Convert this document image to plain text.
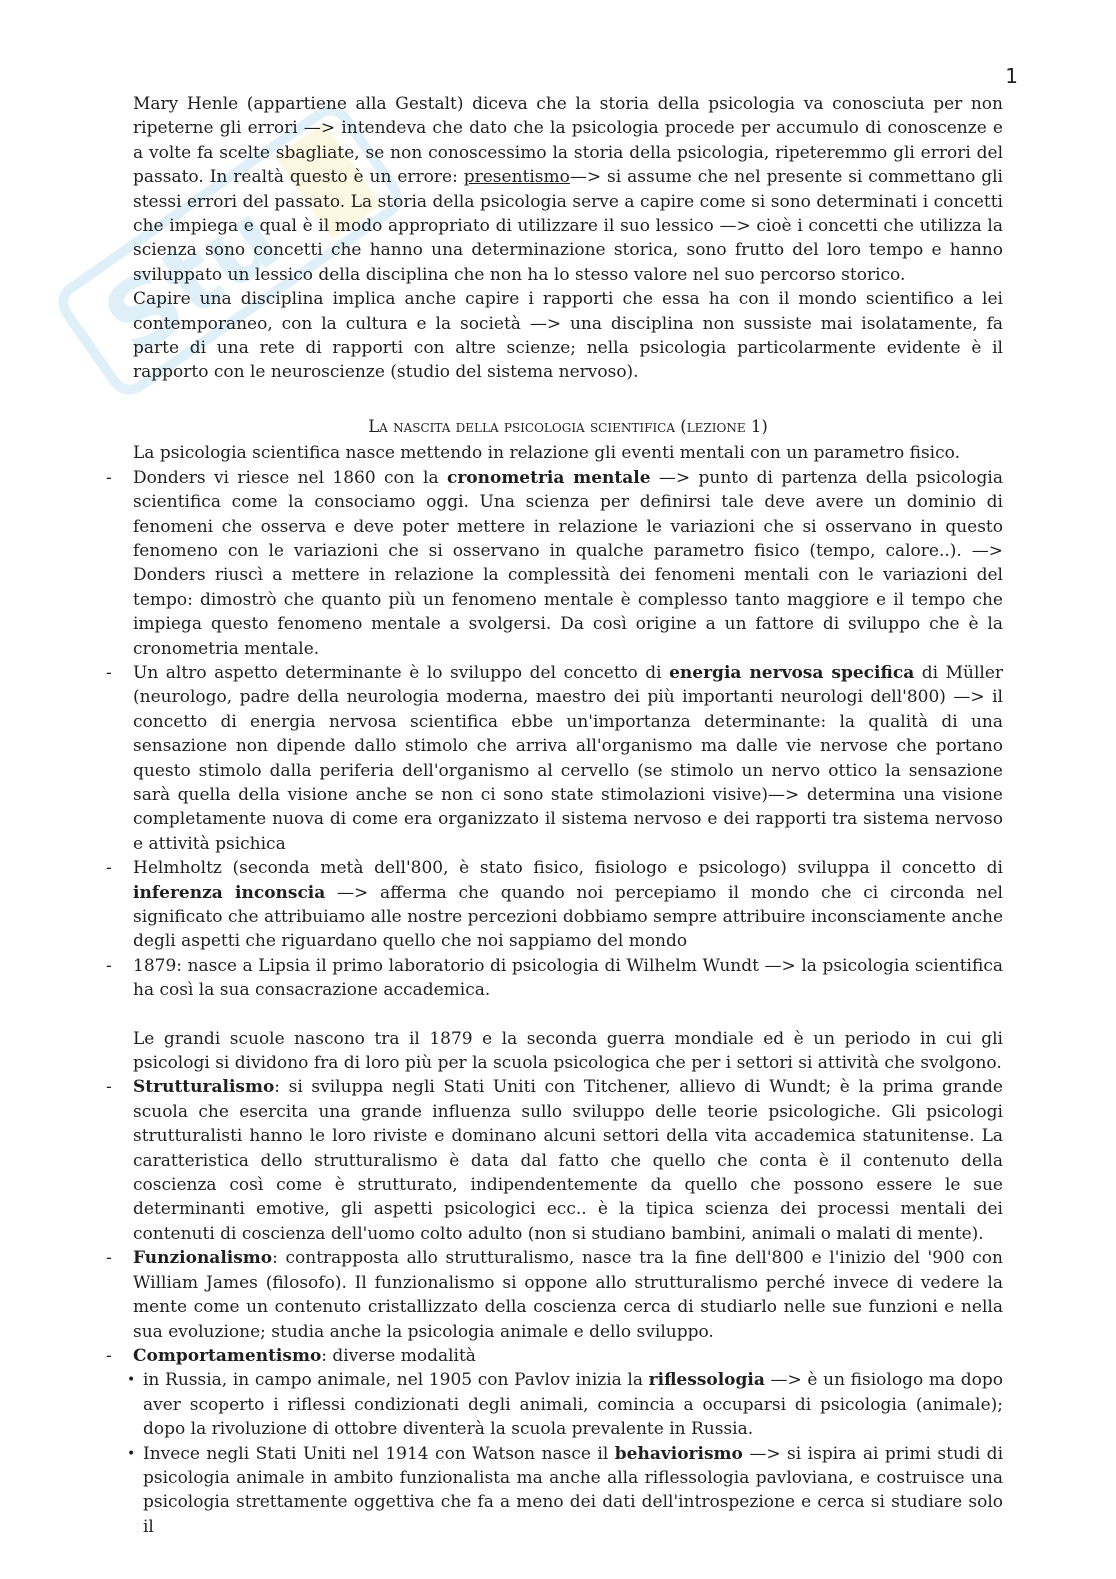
Stu
1

Mary Henle (appartiene alla Gestalt) diceva che la storia della psicologia va conosciuta per non ripeterne gli errori —> intendeva che dato che la psicologia procede per accumulo di conoscenze e a volte fa scelte sbagliate, se non conoscessimo la storia della psicologia, ripeteremmo gli errori del passato. In realtà questo è un errore: presentismo—> si assume che nel presente si commettano gli stessi errori del passato. La storia della psicologia serve a capire come si sono determinati i concetti che impiega e qual è il modo appropriato di utilizzare il suo lessico —> cioè i concetti che utilizza la scienza sono concetti che hanno una determinazione storica, sono frutto del loro tempo e hanno sviluppato un lessico della disciplina che non ha lo stesso valore nel suo percorso storico.

Capire una disciplina implica anche capire i rapporti che essa ha con il mondo scientifico a lei contemporaneo, con la cultura e la società —> una disciplina non sussiste mai isolatamente, fa parte di una rete di rapporti con altre scienze; nella psicologia particolarmente evidente è il rapporto con le neuroscienze (studio del sistema nervoso).

La nascita della psicologia scientifica (lezione 1)

La psicologia scientifica nasce mettendo in relazione gli eventi mentali con un parametro fisico.

- Donders vi riesce nel 1860 con la cronometria mentale —> punto di partenza della psicologia scientifica come la consociamo oggi. Una scienza per definirsi tale deve avere un dominio di fenomeni che osserva e deve poter mettere in relazione le variazioni che si osservano in questo fenomeno con le variazioni che si osservano in qualche parametro fisico (tempo, calore..). —> Donders riuscì a mettere in relazione la complessità dei fenomeni mentali con le variazioni del tempo: dimostrò che quanto più un fenomeno mentale è complesso tanto maggiore e il tempo che impiega questo fenomeno mentale a svolgersi. Da così origine a un fattore di sviluppo che è la cronometria mentale.
- Un altro aspetto determinante è lo sviluppo del concetto di energia nervosa specifica di Müller (neurologo, padre della neurologia moderna, maestro dei più importanti neurologi dell'800) —> il concetto di energia nervosa scientifica ebbe un'importanza determinante: la qualità di una sensazione non dipende dallo stimolo che arriva all'organismo ma dalle vie nervose che portano questo stimolo dalla periferia dell'organismo al cervello (se stimolo un nervo ottico la sensazione sarà quella della visione anche se non ci sono state stimolazioni visive)—> determina una visione completamente nuova di come era organizzato il sistema nervoso e dei rapporti tra sistema nervoso e attività psichica
- Helmholtz (seconda metà dell'800, è stato fisico, fisiologo e psicologo) sviluppa il concetto di inferenza inconscia —> afferma che quando noi percepiamo il mondo che ci circonda nel significato che attribuiamo alle nostre percezioni dobbiamo sempre attribuire inconsciamente anche degli aspetti che riguardano quello che noi sappiamo del mondo
- 1879: nasce a Lipsia il primo laboratorio di psicologia di Wilhelm Wundt —> la psicologia scientifica ha così la sua consacrazione accademica.

Le grandi scuole nascono tra il 1879 e la seconda guerra mondiale ed è un periodo in cui gli psicologi si dividono fra di loro più per la scuola psicologica che per i settori si attività che svolgono.

- Strutturalismo: si sviluppa negli Stati Uniti con Titchener, allievo di Wundt; è la prima grande scuola che esercita una grande influenza sullo sviluppo delle teorie psicologiche. Gli psicologi strutturalisti hanno le loro riviste e dominano alcuni settori della vita accademica statunitense. La caratteristica dello strutturalismo è data dal fatto che quello che conta è il contenuto della coscienza così come è strutturato, indipendentemente da quello che possono essere le sue determinanti emotive, gli aspetti psicologici ecc.. è la tipica scienza dei processi mentali dei contenuti di coscienza dell'uomo colto adulto (non si studiano bambini, animali o malati di mente).
- Funzionalismo: contrapposta allo strutturalismo, nasce tra la fine dell'800 e l'inizio del '900 con William James (filosofo). Il funzionalismo si oppone allo strutturalismo perché invece di vedere la mente come un contenuto cristallizzato della coscienza cerca di studiarlo nelle sue funzioni e nella sua evoluzione; studia anche la psicologia animale e dello sviluppo.
- Comportamentismo: diverse modalità
• in Russia, in campo animale, nel 1905 con Pavlov inizia la riflessologia —> è un fisiologo ma dopo aver scoperto i riflessi condizionati degli animali, comincia a occuparsi di psicologia (animale); dopo la rivoluzione di ottobre diventerà la scuola prevalente in Russia.
• Invece negli Stati Uniti nel 1914 con Watson nasce il behaviorismo —> si ispira ai primi studi di psicologia animale in ambito funzionalista ma anche alla riflessologia pavloviana, e costruisce una psicologia strettamente oggettiva che fa a meno dei dati dell'introspezione e cerca si studiare solo il
